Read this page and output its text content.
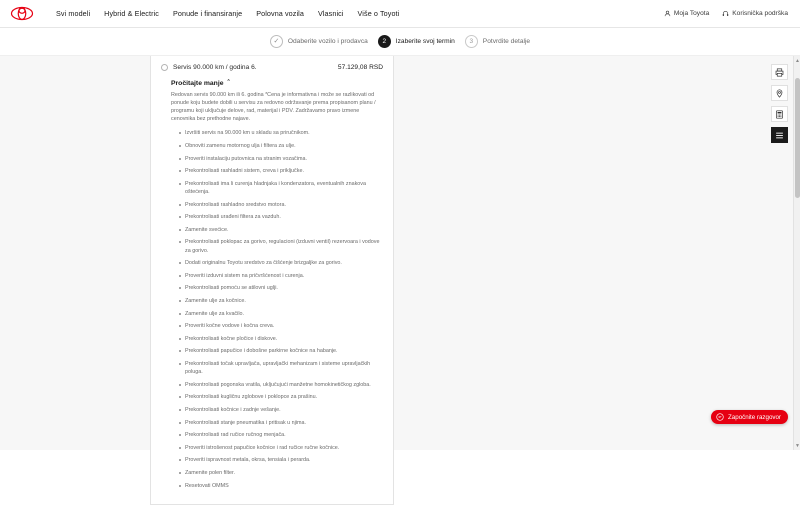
Svi modeli Hybrid & Electric Ponude i finansiranje Polovna vozila Vlasnici Više o Toyoti	Moja Toyota	Korisnička podrška
✓ Odaberite vozilo i prodavca 2 Izaberite svoj termin 3 Potvrdite detalje
Servis 90.000 km / godina 6.	57.129,08 RSD
Pročitajte manje ⌃

Redovan servis 90.000 km ili 6. godina *Cena je informativna i može se razlikovati od ponude koju budete dobili u servisu za redovno održavanje prema propisanom planu / programu koji uključuje delove, rad, materijal i PDV. Zadržavamo pravo izmene cenovnika bez prethodne najave.

Izvršiti servis na 90.000 km u skladu sa priručnikom.
Obnoviti zamenu motornog ulja i filtera za ulje.
Proveriti instalaciju putovnica na stranim vozačima.
Prekontrolisati rashladni sistem, creva i priključke.
Prekontrolisati ima li curenja hladnjaka i kondenzatora, eventualnih znakova oštećenja.
Prekontrolisati rashladno sredstvo motora.
Prekontrolisati urađeni filtera za vazduh.
Zamenite svećice.
Prekontrolisati poklopac za gorivo, regulacioni (izduvni ventil) rezervoara i vodove za gorivo.
Dodati originalnu Toyotu sredstvo za čišćenje brizgaljke za gorivo.
Proveriti izduvni sistem na pričvršćenost i curenja.
Prekontrolisati pomoću se atilovni uglji.
Zamenite ulje za kočnice.
Zamenite ulje za kvačilo.
Proveriti kočne vodove i kočna creva.
Prekontrolisati kočne pločice i diskove.
Prekontrolisati papučice i dobošne parkirne kočnice na habanje.
Prekontrolisati točak upravljača, upravljački mehanizam i sisteme upravljačkih poluga.
Prekontrolisati pogonska vratila, uključujući manžetne homokinetičkog zgloba.
Prekontrolisati kugličnu zglobove i poklopce za prašinu.
Prekontrolisati kočnice i zadnje vešanje.
Prekontrolisati stanje pneumatika i pritisak u njima.
Prekontrolisati rad ručice ručnog menjača.
Proveriti istrošenost papučice kočnice i rad ručice ručne kočnice.
Proveriti ispravnost metala, okrsa, tensiala i perarda.
Zamenite polen filter.
Resetovati OMMS
Započnite razgovor
▲
▼
